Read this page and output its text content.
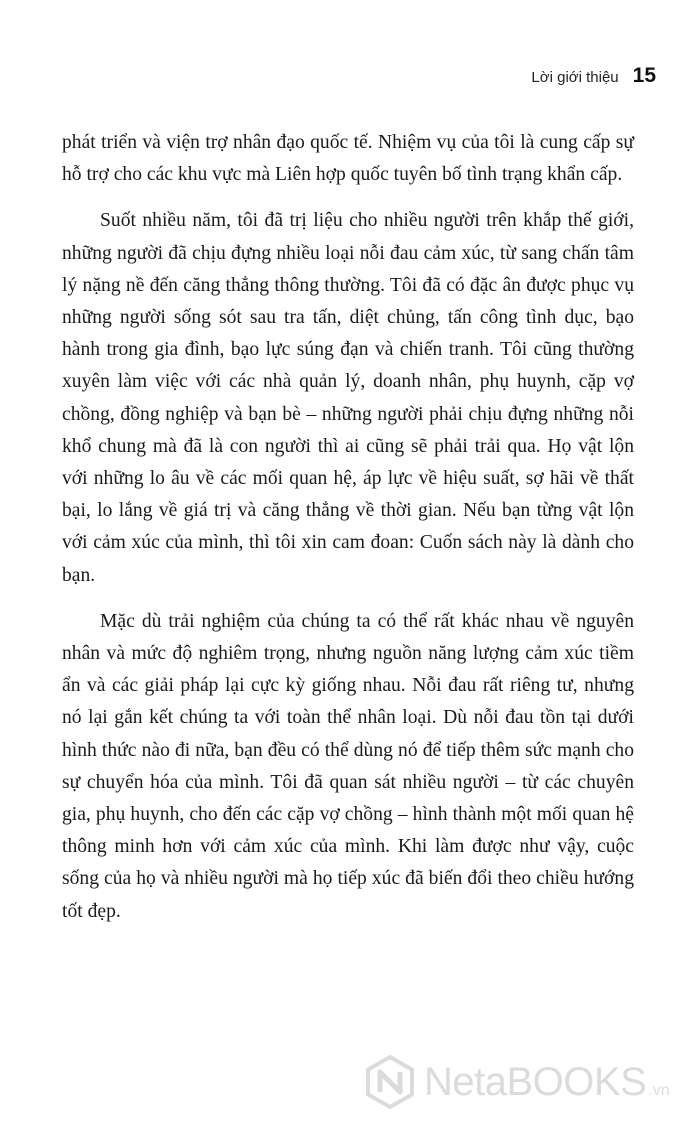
Lời giới thiệu 15

phát triển và viện trợ nhân đạo quốc tế. Nhiệm vụ của tôi là cung cấp sự hỗ trợ cho các khu vực mà Liên hợp quốc tuyên bố tình trạng khẩn cấp.

Suốt nhiều năm, tôi đã trị liệu cho nhiều người trên khắp thế giới, những người đã chịu đựng nhiều loại nỗi đau cảm xúc, từ sang chấn tâm lý nặng nề đến căng thẳng thông thường. Tôi đã có đặc ân được phục vụ những người sống sót sau tra tấn, diệt chủng, tấn công tình dục, bạo hành trong gia đình, bạo lực súng đạn và chiến tranh. Tôi cũng thường xuyên làm việc với các nhà quản lý, doanh nhân, phụ huynh, cặp vợ chồng, đồng nghiệp và bạn bè – những người phải chịu đựng những nỗi khổ chung mà đã là con người thì ai cũng sẽ phải trải qua. Họ vật lộn với những lo âu về các mối quan hệ, áp lực về hiệu suất, sợ hãi về thất bại, lo lắng về giá trị và căng thẳng về thời gian. Nếu bạn từng vật lộn với cảm xúc của mình, thì tôi xin cam đoan: Cuốn sách này là dành cho bạn.

Mặc dù trải nghiệm của chúng ta có thể rất khác nhau về nguyên nhân và mức độ nghiêm trọng, nhưng nguồn năng lượng cảm xúc tiềm ẩn và các giải pháp lại cực kỳ giống nhau. Nỗi đau rất riêng tư, nhưng nó lại gắn kết chúng ta với toàn thể nhân loại. Dù nỗi đau tồn tại dưới hình thức nào đi nữa, bạn đều có thể dùng nó để tiếp thêm sức mạnh cho sự chuyển hóa của mình. Tôi đã quan sát nhiều người – từ các chuyên gia, phụ huynh, cho đến các cặp vợ chồng – hình thành một mối quan hệ thông minh hơn với cảm xúc của mình. Khi làm được như vậy, cuộc sống của họ và nhiều người mà họ tiếp xúc đã biến đổi theo chiều hướng tốt đẹp.

NetaBOOKS .vn
